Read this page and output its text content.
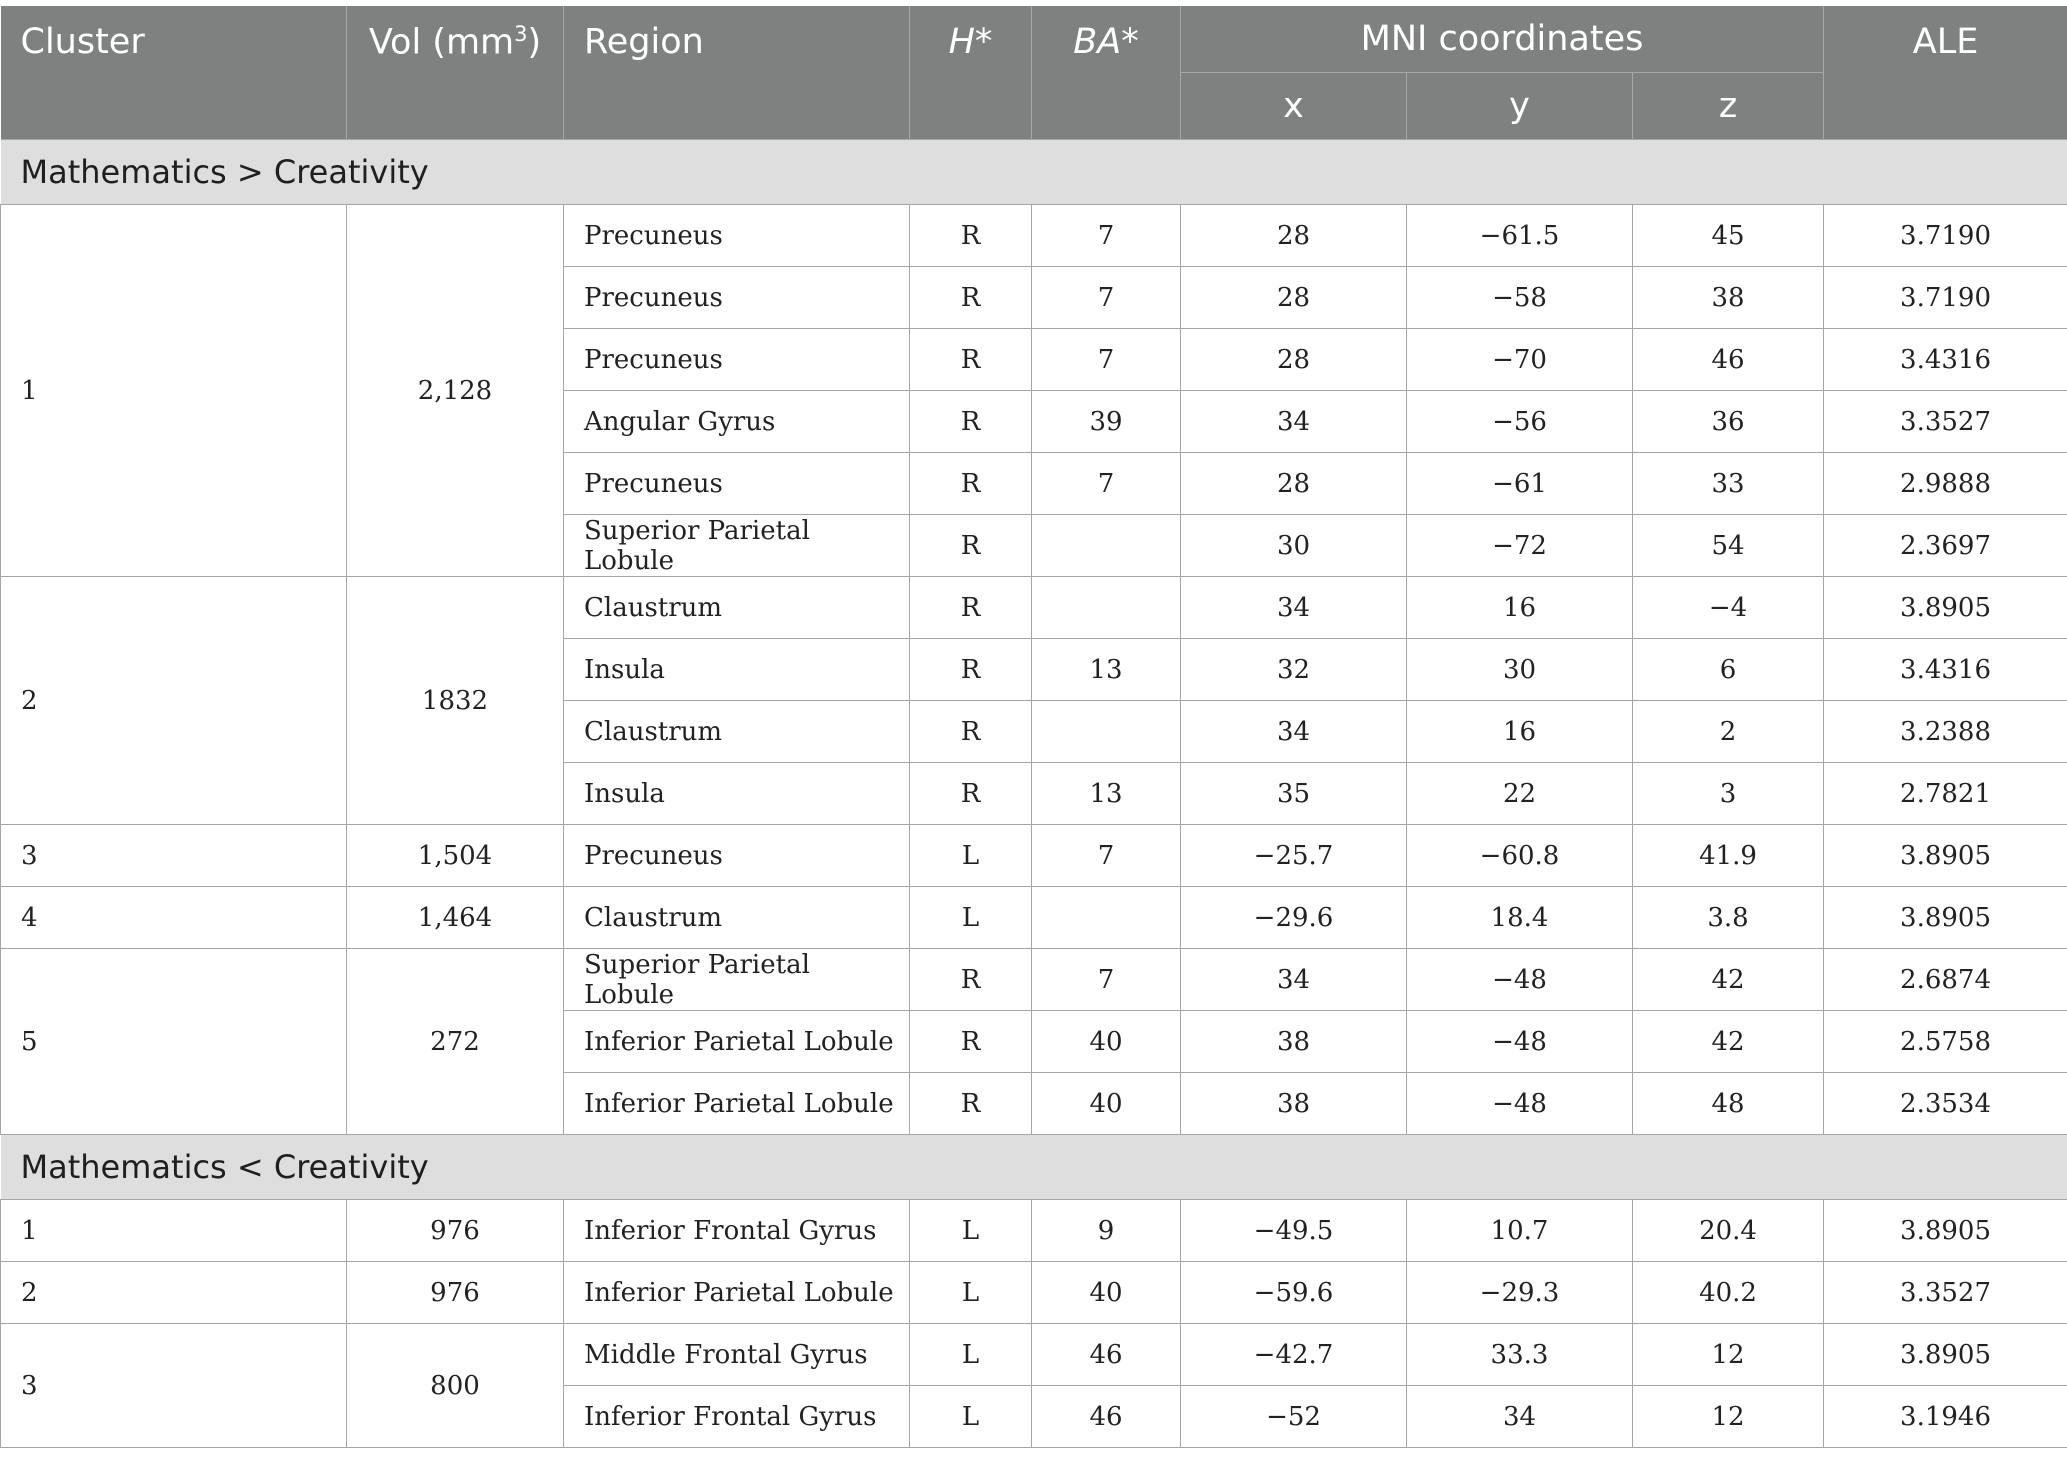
Cluster	Vol $(mm^3)$	Region	H*	BA*	MNI coordinates			ALE
					x	y	z	
Mathematics > Creativity								
1	2,128	Precuneus	R	7	28	−61.5	45	3.7190
		Precuneus	R	7	28	−58	38	3.7190
		Precuneus	R	7	28	−70	46	3.4316
		Angular Gyrus	R	39	34	−56	36	3.3527
		Precuneus	R	7	28	−61	33	2.9888
		Superior Parietal Lobule	R		30	−72	54	2.3697
2	1832	Claustrum	R		34	16	−4	3.8905
		Insula	R	13	32	30	6	3.4316
		Claustrum	R		34	16	2	3.2388
		Insula	R	13	35	22	3	2.7821
3	1,504	Precuneus	L	7	−25.7	−60.8	41.9	3.8905
4	1,464	Claustrum	L		−29.6	18.4	3.8	3.8905
5	272	Superior Parietal Lobule	R	7	34	−48	42	2.6874
		Inferior Parietal Lobule	R	40	38	−48	42	2.5758
		Inferior Parietal Lobule	R	40	38	−48	48	2.3534
Mathematics < Creativity								
1	976	Inferior Frontal Gyrus	L	9	−49.5	10.7	20.4	3.8905
2	976	Inferior Parietal Lobule	L	40	−59.6	−29.3	40.2	3.3527
3	800	Middle Frontal Gyrus	L	46	−42.7	33.3	12	3.8905
		Inferior Frontal Gyrus	L	46	−52	34	12	3.1946
